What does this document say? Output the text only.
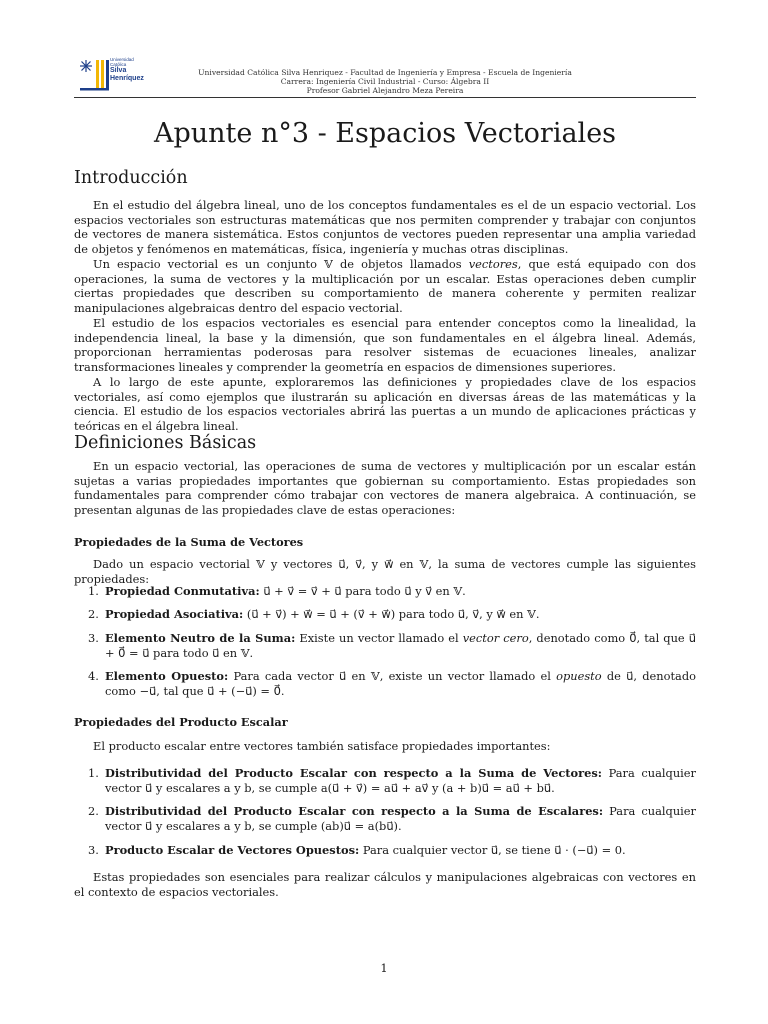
Universidad
Católica
Silva
Henríquez
Universidad Católica Silva Henriquez - Facultad de Ingeniería y Empresa - Escuela de Ingeniería
Carrera: Ingeniería Civil Industrial - Curso: Álgebra II
Profesor Gabriel Alejandro Meza Pereira
Apunte n°3 - Espacios Vectoriales
Introducción

En el estudio del álgebra lineal, uno de los conceptos fundamentales es el de un espacio vectorial. Los espacios vectoriales son estructuras matemáticas que nos permiten comprender y trabajar con conjuntos de vectores de manera sistemática. Estos conjuntos de vectores pueden representar una amplia variedad de objetos y fenómenos en matemáticas, física, ingeniería y muchas otras disciplinas.

Un espacio vectorial es un conjunto 𝕍 de objetos llamados vectores, que está equipado con dos operaciones, la suma de vectores y la multiplicación por un escalar. Estas operaciones deben cumplir ciertas propiedades que describen su comportamiento de manera coherente y permiten realizar manipulaciones algebraicas dentro del espacio vectorial.

El estudio de los espacios vectoriales es esencial para entender conceptos como la linealidad, la independencia lineal, la base y la dimensión, que son fundamentales en el álgebra lineal. Además, proporcionan herramientas poderosas para resolver sistemas de ecuaciones lineales, analizar transformaciones lineales y comprender la geometría en espacios de dimensiones superiores.

A lo largo de este apunte, exploraremos las definiciones y propiedades clave de los espacios vectoriales, así como ejemplos que ilustrarán su aplicación en diversas áreas de las matemáticas y la ciencia. El estudio de los espacios vectoriales abrirá las puertas a un mundo de aplicaciones prácticas y teóricas en el álgebra lineal.

Definiciones Básicas

En un espacio vectorial, las operaciones de suma de vectores y multiplicación por un escalar están sujetas a varias propiedades importantes que gobiernan su comportamiento. Estas propiedades son fundamentales para comprender cómo trabajar con vectores de manera algebraica. A continuación, se presentan algunas de las propiedades clave de estas operaciones:

Propiedades de la Suma de Vectores

Dado un espacio vectorial 𝕍 y vectores u⃗, v⃗, y w⃗ en 𝕍, la suma de vectores cumple las siguientes propiedades:

1. Propiedad Conmutativa: u⃗ + v⃗ = v⃗ + u⃗ para todo u⃗ y v⃗ en 𝕍.
2. Propiedad Asociativa: (u⃗ + v⃗) + w⃗ = u⃗ + (v⃗ + w⃗) para todo u⃗, v⃗, y w⃗ en 𝕍.
3. Elemento Neutro de la Suma: Existe un vector llamado el vector cero, denotado como 0⃗, tal que u⃗ + 0⃗ = u⃗ para todo u⃗ en 𝕍.
4. Elemento Opuesto: Para cada vector u⃗ en 𝕍, existe un vector llamado el opuesto de u⃗, denotado como −u⃗, tal que u⃗ + (−u⃗) = 0⃗.
Propiedades del Producto Escalar

El producto escalar entre vectores también satisface propiedades importantes:

1. Distributividad del Producto Escalar con respecto a la Suma de Vectores: Para cualquier vector u⃗ y escalares a y b, se cumple a(u⃗ + v⃗) = au⃗ + av⃗ y (a + b)u⃗ = au⃗ + bu⃗.
2. Distributividad del Producto Escalar con respecto a la Suma de Escalares: Para cualquier vector u⃗ y escalares a y b, se cumple (ab)u⃗ = a(bu⃗).
3. Producto Escalar de Vectores Opuestos: Para cualquier vector u⃗, se tiene u⃗ · (−u⃗) = 0.

Estas propiedades son esenciales para realizar cálculos y manipulaciones algebraicas con vectores en el contexto de espacios vectoriales.

1
